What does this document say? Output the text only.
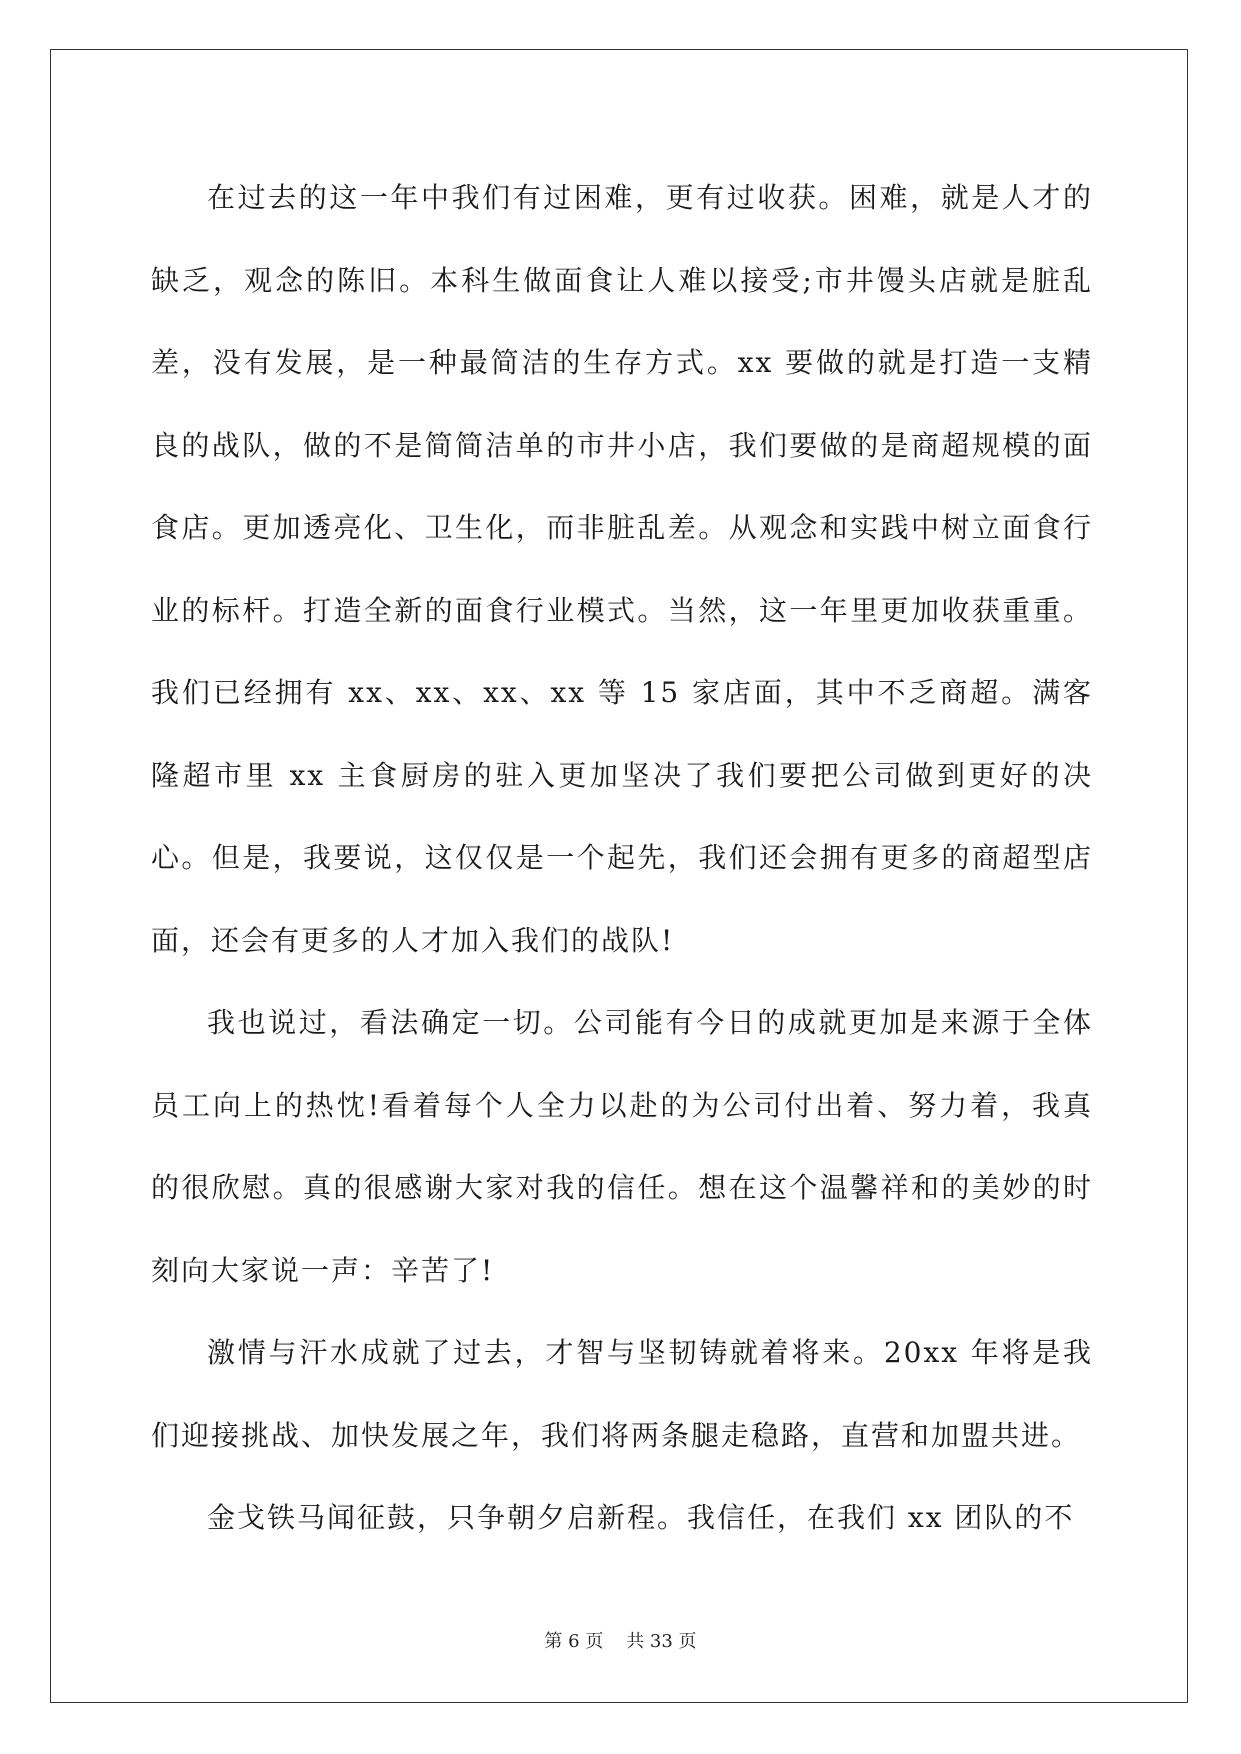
在过去的这一年中我们有过困难，更有过收获。困难，就是人才的缺乏，观念的陈旧。本科生做面食让人难以接受;市井馒头店就是脏乱差，没有发展，是一种最简洁的生存方式。xx 要做的就是打造一支精良的战队，做的不是简简洁单的市井小店，我们要做的是商超规模的面食店。更加透亮化、卫生化，而非脏乱差。从观念和实践中树立面食行业的标杆。打造全新的面食行业模式。当然，这一年里更加收获重重。我们已经拥有 xx、xx、xx、xx 等 15 家店面，其中不乏商超。满客隆超市里 xx 主食厨房的驻入更加坚决了我们要把公司做到更好的决心。但是，我要说，这仅仅是一个起先，我们还会拥有更多的商超型店面，还会有更多的人才加入我们的战队!

我也说过，看法确定一切。公司能有今日的成就更加是来源于全体员工向上的热忱!看着每个人全力以赴的为公司付出着、努力着，我真的很欣慰。真的很感谢大家对我的信任。想在这个温馨祥和的美妙的时刻向大家说一声：辛苦了!

激情与汗水成就了过去，才智与坚韧铸就着将来。20xx 年将是我们迎接挑战、加快发展之年，我们将两条腿走稳路，直营和加盟共进。

金戈铁马闻征鼓，只争朝夕启新程。我信任，在我们 xx 团队的不

第 6 页    共 33 页
